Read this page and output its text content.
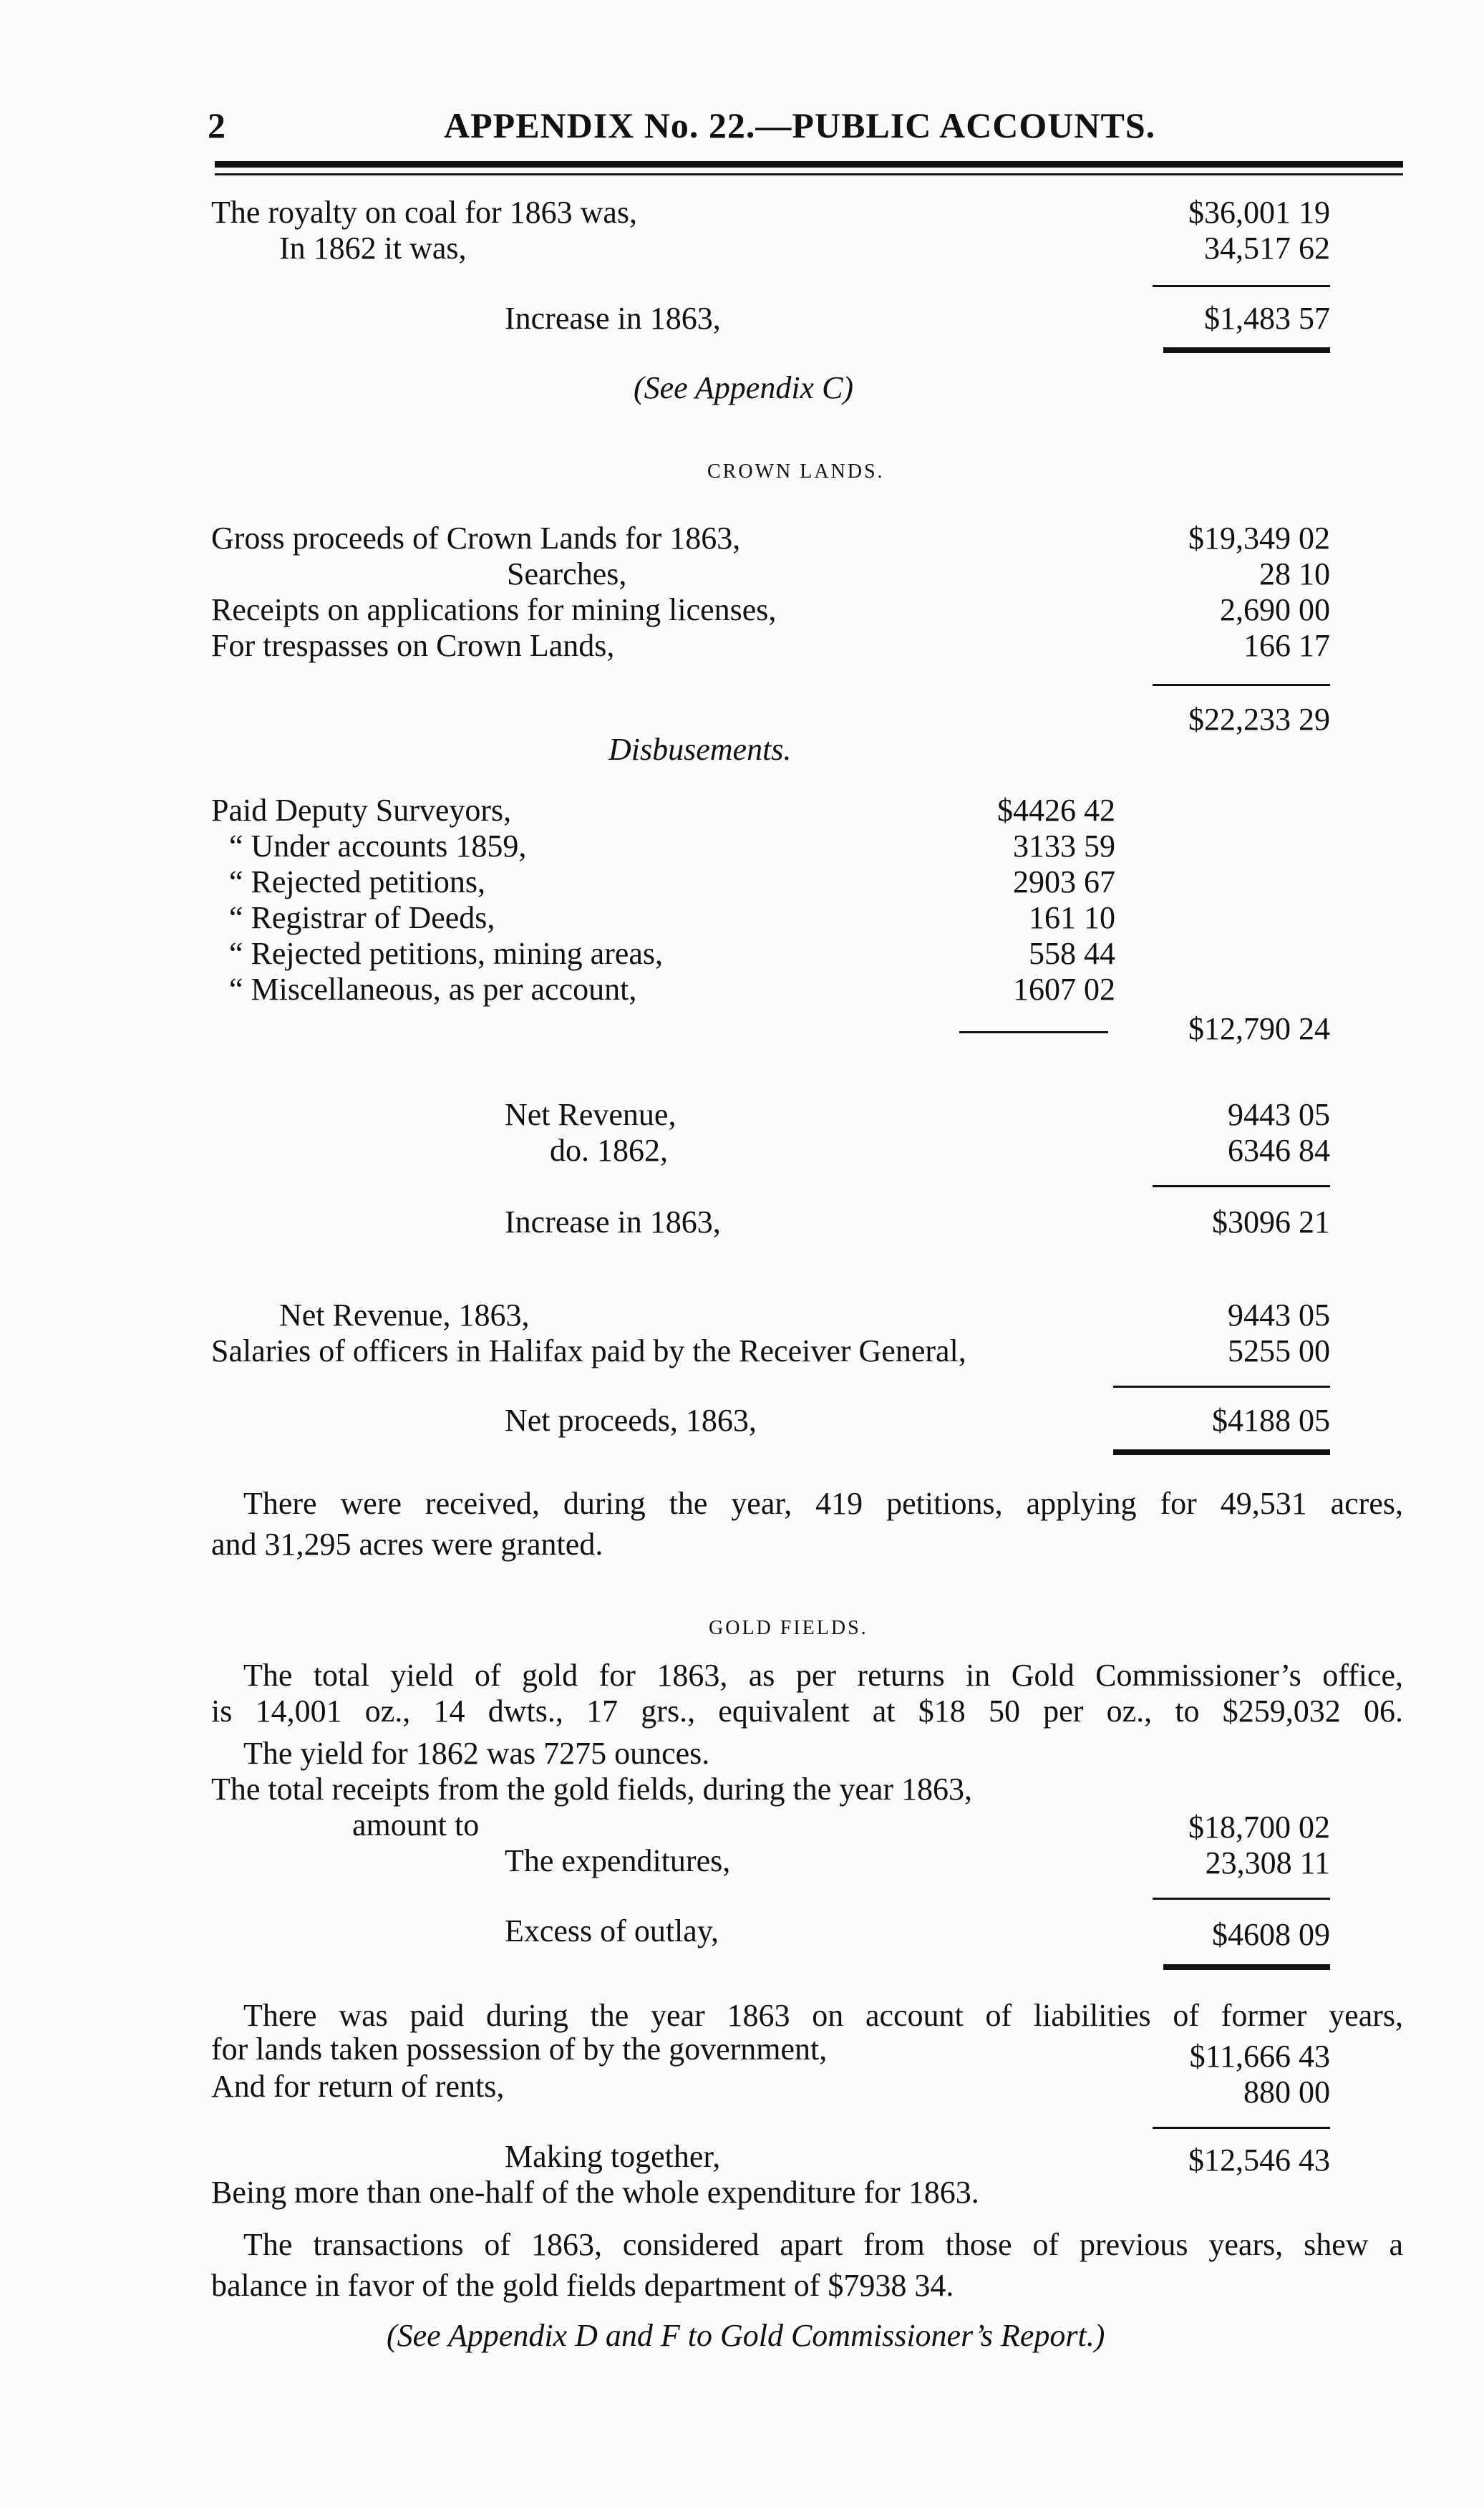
2	APPENDIX No. 22.—PUBLIC ACCOUNTS.
The royalty on coal for 1863 was,	$36,001 19
In 1862 it was,	34,517 62
Increase in 1863,	$1,483 57
(See Appendix C)
CROWN LANDS.
Gross proceeds of Crown Lands for 1863,	$19,349 02
Searches,	28 10
Receipts on applications for mining licenses,	2,690 00
For trespasses on Crown Lands,	166 17
$22,233 29
Disbusements.
Paid Deputy Surveyors,	$4426 42
“ Under accounts 1859,	3133 59
“ Rejected petitions,	2903 67
“ Registrar of Deeds,	161 10
“ Rejected petitions, mining areas,	558 44
“ Miscellaneous, as per account,	1607 02
$12,790 24
Net Revenue,	9443 05
do. 1862,	6346 84
Increase in 1863,	$3096 21
Net Revenue, 1863,	9443 05
Salaries of officers in Halifax paid by the Receiver General,	5255 00
Net proceeds, 1863,	$4188 05
There were received, during the year, 419 petitions, applying for 49,531 acres,
and 31,295 acres were granted.
GOLD FIELDS.
The total yield of gold for 1863, as per returns in Gold Commissioner’s office,
is 14,001 oz., 14 dwts., 17 grs., equivalent at $18 50 per oz., to $259,032 06.
The yield for 1862 was 7275 ounces.
The total receipts from the gold fields, during the year 1863,
amount to	$18,700 02
The expenditures,	23,308 11
Excess of outlay,	$4608 09
There was paid during the year 1863 on account of liabilities of former years,
for lands taken possession of by the government,	$11,666 43
And for return of rents,	880 00
Making together,	$12,546 43
Being more than one-half of the whole expenditure for 1863.
The transactions of 1863, considered apart from those of previous years, shew a
balance in favor of the gold fields department of $7938 34.
(See Appendix D and F to Gold Commissioner’s Report.)
